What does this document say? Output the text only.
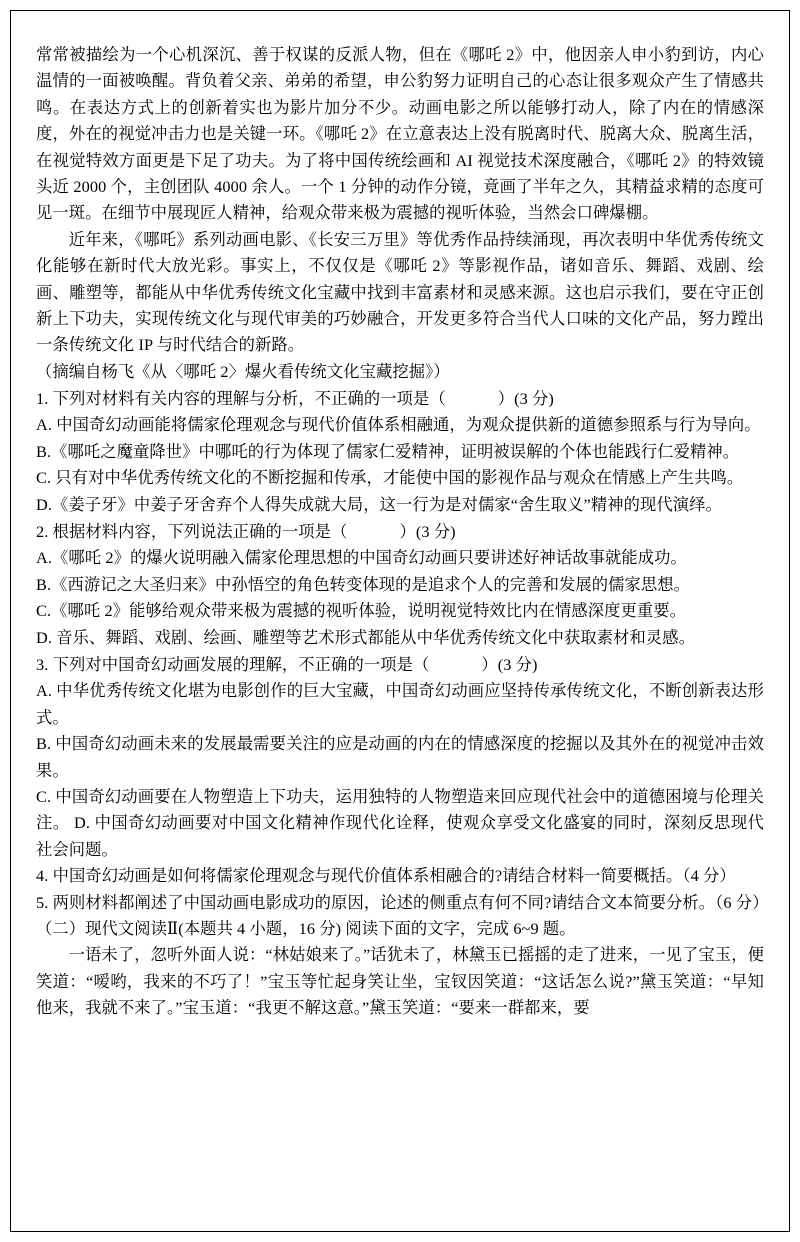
常常被描绘为一个心机深沉、善于权谋的反派人物，但在《哪吒 2》中，他因亲人申小豹到访，内心温情的一面被唤醒。背负着父亲、弟弟的希望，申公豹努力证明自己的心态让很多观众产生了情感共鸣。在表达方式上的创新着实也为影片加分不少。动画电影之所以能够打动人，除了内在的情感深度，外在的视觉冲击力也是关键一环。《哪吒 2》在立意表达上没有脱离时代、脱离大众、脱离生活，在视觉特效方面更是下足了功夫。为了将中国传统绘画和 AI 视觉技术深度融合，《哪吒 2》的特效镜头近 2000 个，主创团队 4000 余人。一个 1 分钟的动作分镜，竟画了半年之久，其精益求精的态度可见一斑。在细节中展现匠人精神，给观众带来极为震撼的视听体验，当然会口碑爆棚。

近年来，《哪吒》系列动画电影、《长安三万里》等优秀作品持续涌现，再次表明中华优秀传统文化能够在新时代大放光彩。事实上，不仅仅是《哪吒 2》等影视作品，诸如音乐、舞蹈、戏剧、绘画、雕塑等，都能从中华优秀传统文化宝藏中找到丰富素材和灵感来源。这也启示我们，要在守正创新上下功夫，实现传统文化与现代审美的巧妙融合，开发更多符合当代人口味的文化产品，努力蹚出一条传统文化 IP 与时代结合的新路。

（摘编自杨飞《从〈哪吒 2〉爆火看传统文化宝藏挖掘》）

1. 下列对材料有关内容的理解与分析，不正确的一项是（	）(3 分)

A. 中国奇幻动画能将儒家伦理观念与现代价值体系相融通，为观众提供新的道德参照系与行为导向。

B.《哪吒之魔童降世》中哪吒的行为体现了儒家仁爱精神，证明被误解的个体也能践行仁爱精神。

C. 只有对中华优秀传统文化的不断挖掘和传承，才能使中国的影视作品与观众在情感上产生共鸣。

D.《姜子牙》中姜子牙舍弃个人得失成就大局，这一行为是对儒家“舍生取义”精神的现代演绎。

2. 根据材料内容，下列说法正确的一项是（	）(3 分)

A.《哪吒 2》的爆火说明融入儒家伦理思想的中国奇幻动画只要讲述好神话故事就能成功。

B.《西游记之大圣归来》中孙悟空的角色转变体现的是追求个人的完善和发展的儒家思想。

C.《哪吒 2》能够给观众带来极为震撼的视听体验，说明视觉特效比内在情感深度更重要。

D. 音乐、舞蹈、戏剧、绘画、雕塑等艺术形式都能从中华优秀传统文化中获取素材和灵感。

3. 下列对中国奇幻动画发展的理解，不正确的一项是（	）(3 分)

A. 中华优秀传统文化堪为电影创作的巨大宝藏，中国奇幻动画应坚持传承传统文化，不断创新表达形式。

B. 中国奇幻动画未来的发展最需要关注的应是动画的内在的情感深度的挖掘以及其外在的视觉冲击效果。

C. 中国奇幻动画要在人物塑造上下功夫，运用独特的人物塑造来回应现代社会中的道德困境与伦理关注。 D. 中国奇幻动画要对中国文化精神作现代化诠释，使观众享受文化盛宴的同时，深刻反思现代社会问题。

4. 中国奇幻动画是如何将儒家伦理观念与现代价值体系相融合的?请结合材料一简要概括。（4 分）

5. 两则材料都阐述了中国动画电影成功的原因，论述的侧重点有何不同?请结合文本简要分析。（6 分）

（二）现代文阅读Ⅱ(本题共 4 小题，16 分) 阅读下面的文字，完成 6~9 题。

一语未了，忽听外面人说：“林姑娘来了。”话犹未了，林黛玉已摇摇的走了进来，一见了宝玉，便笑道：“嗳哟，我来的不巧了！”宝玉等忙起身笑让坐，宝钗因笑道：“这话怎么说?”黛玉笑道：“早知他来，我就不来了。”宝玉道：“我更不解这意。”黛玉笑道：“要来一群都来，要
